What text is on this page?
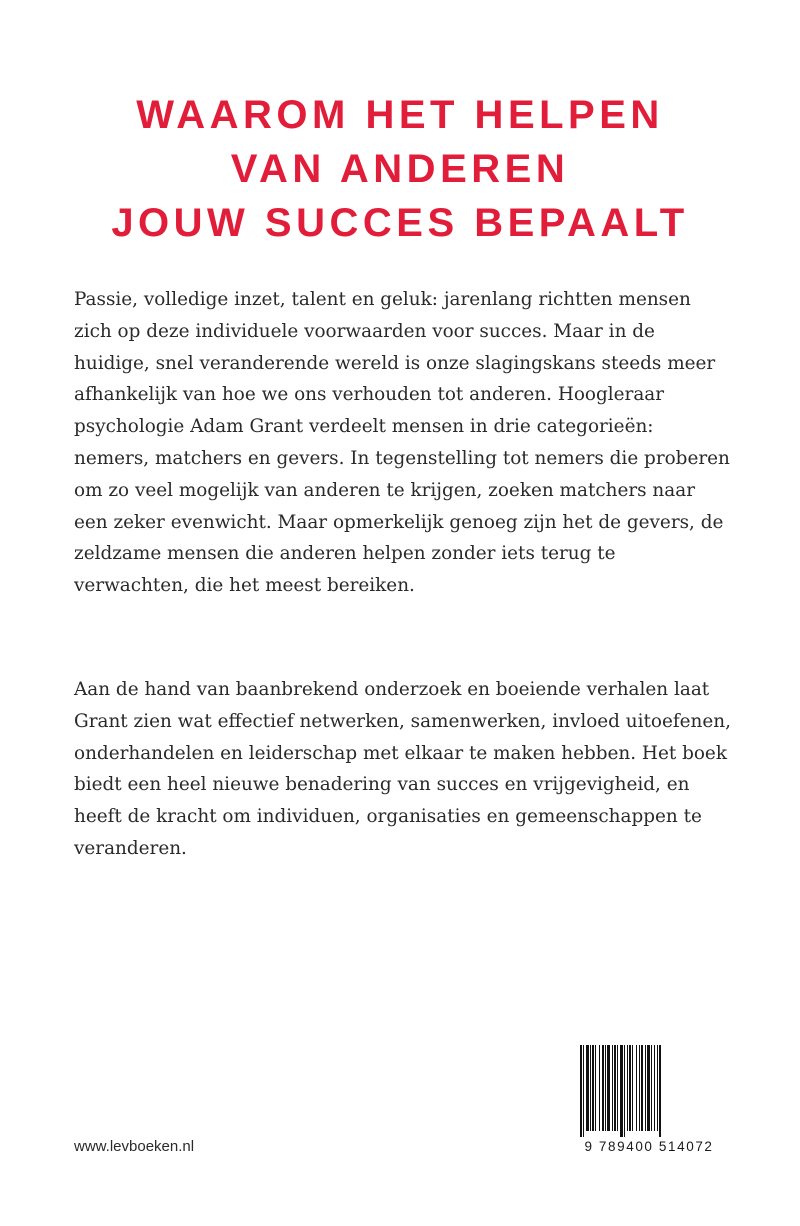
WAAROM HET HELPEN
VAN ANDEREN
JOUW SUCCES BEPAALT

Passie, volledige inzet, talent en geluk: jarenlang richtten mensen zich op deze individuele voorwaarden voor succes. Maar in de huidige, snel veranderende wereld is onze slagingskans steeds meer afhankelijk van hoe we ons verhouden tot anderen. Hoogleraar psychologie Adam Grant verdeelt mensen in drie categorieën: nemers, matchers en gevers. In tegenstelling tot nemers die proberen om zo veel mogelijk van anderen te krijgen, zoeken matchers naar een zeker evenwicht. Maar opmerkelijk genoeg zijn het de gevers, de zeldzame mensen die anderen helpen zonder iets terug te verwachten, die het meest bereiken.

Aan de hand van baanbrekend onderzoek en boeiende verhalen laat Grant zien wat effectief netwerken, samenwerken, invloed uitoefenen, onderhandelen en leiderschap met elkaar te maken hebben. Het boek biedt een heel nieuwe benadering van succes en vrijgevigheid, en heeft de kracht om individuen, organisaties en gemeenschappen te veranderen.

www.levboeken.nl	9 789400 514072
